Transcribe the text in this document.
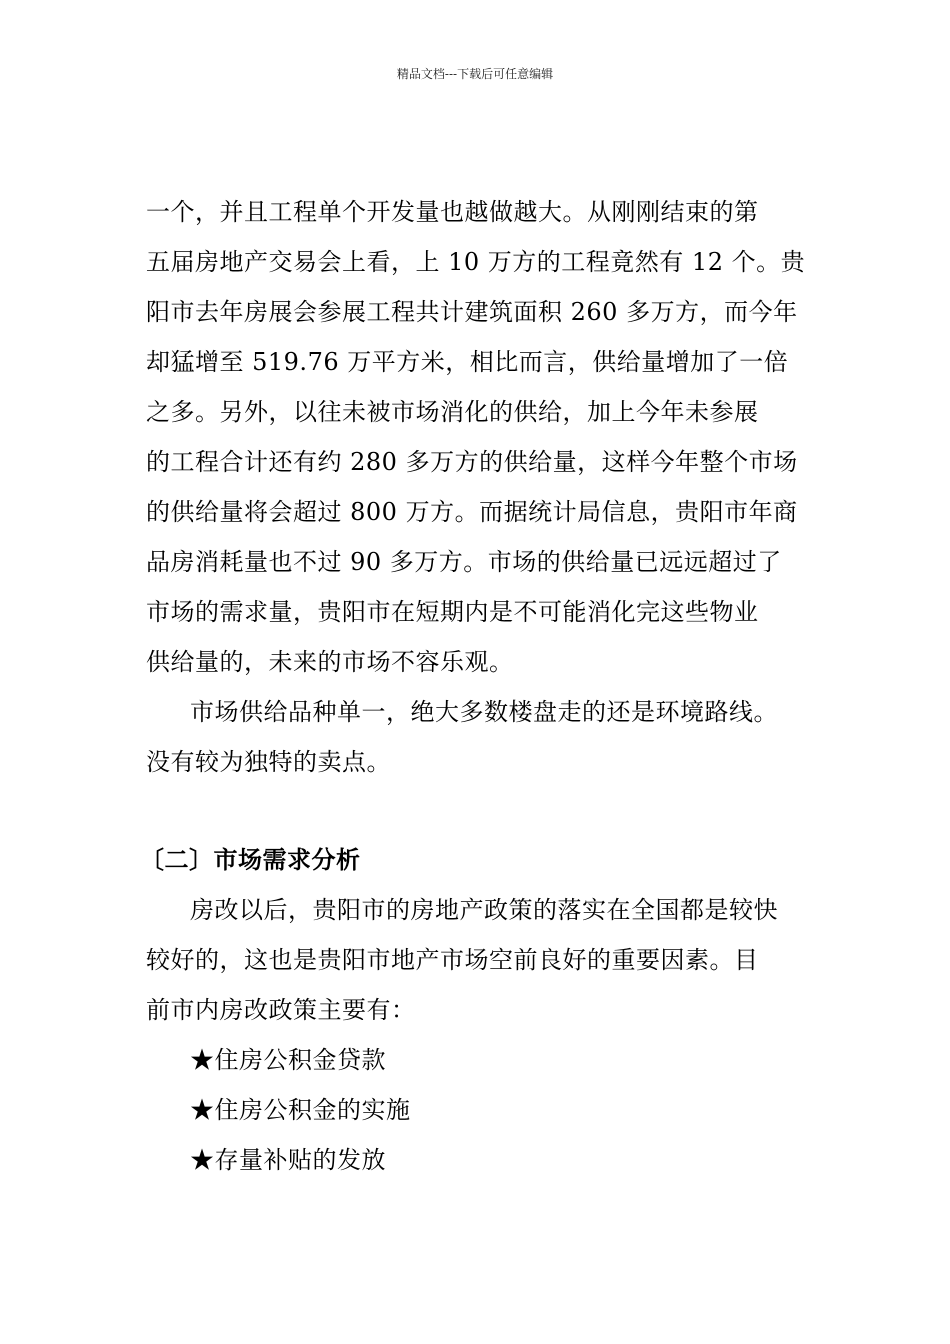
精品文档---下载后可任意编辑
一个，并且工程单个开发量也越做越大。从刚刚结束的第
五届房地产交易会上看，上 10 万方的工程竟然有 12 个。贵
阳市去年房展会参展工程共计建筑面积 260 多万方，而今年
却猛增至 519.76 万平方米，相比而言，供给量增加了一倍
之多。另外，以往未被市场消化的供给，加上今年未参展
的工程合计还有约 280 多万方的供给量，这样今年整个市场
的供给量将会超过 800 万方。而据统计局信息，贵阳市年商
品房消耗量也不过 90 多万方。市场的供给量已远远超过了
市场的需求量，贵阳市在短期内是不可能消化完这些物业
供给量的，未来的市场不容乐观。
市场供给品种单一，绝大多数楼盘走的还是环境路线。
没有较为独特的卖点。
〔二〕市场需求分析
房改以后，贵阳市的房地产政策的落实在全国都是较快
较好的，这也是贵阳市地产市场空前良好的重要因素。目
前市内房改政策主要有：
★住房公积金贷款
★住房公积金的实施
★存量补贴的发放
